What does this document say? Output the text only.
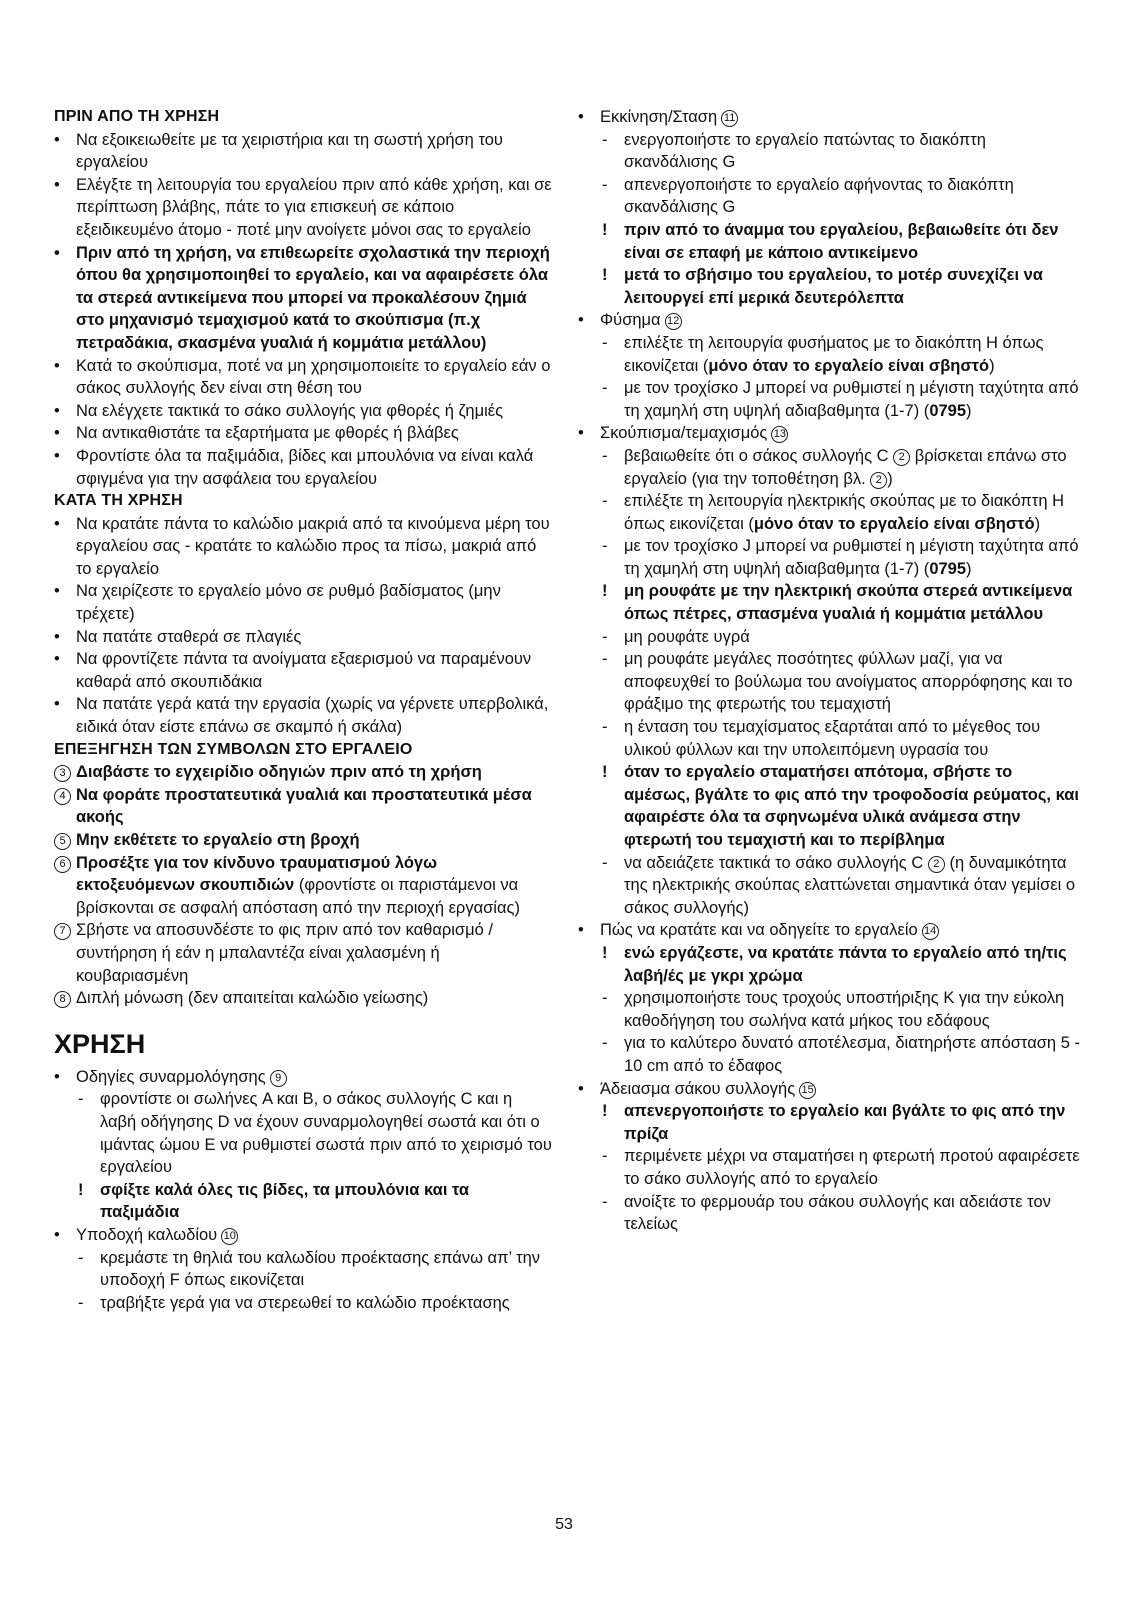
ΠΡΙΝ ΑΠΟ ΤΗ ΧΡΗΣΗ
• Να εξοικειωθείτε με τα χειριστήρια και τη σωστή χρήση του εργαλείου
• Ελέγξτε τη λειτουργία του εργαλείου πριν από κάθε χρήση, και σε περίπτωση βλάβης, πάτε το για επισκευή σε κάποιο εξειδικευμένο άτομο - ποτέ μην ανοίγετε μόνοι σας το εργαλείο
• Πριν από τη χρήση, να επιθεωρείτε σχολαστικά την περιοχή όπου θα χρησιμοποιηθεί το εργαλείο, και να αφαιρέσετε όλα τα στερεά αντικείμενα που μπορεί να προκαλέσουν ζημιά στο μηχανισμό τεμαχισμού κατά το σκούπισμα (π.χ πετραδάκια, σκασμένα γυαλιά ή κομμάτια μετάλλου)
• Κατά το σκούπισμα, ποτέ να μη χρησιμοποιείτε το εργαλείο εάν ο σάκος συλλογής δεν είναι στη θέση του
• Να ελέγχετε τακτικά το σάκο συλλογής για φθορές ή ζημιές
• Να αντικαθιστάτε τα εξαρτήματα με φθορές ή βλάβες
• Φροντίστε όλα τα παξιμάδια, βίδες και μπουλόνια να είναι καλά σφιγμένα για την ασφάλεια του εργαλείου
ΚΑΤΑ ΤΗ ΧΡΗΣΗ
• Να κρατάτε πάντα το καλώδιο μακριά από τα κινούμενα μέρη του εργαλείου σας - κρατάτε το καλώδιο προς τα πίσω, μακριά από το εργαλείο
• Να χειρίζεστε το εργαλείο μόνο σε ρυθμό βαδίσματος (μην τρέχετε)
• Να πατάτε σταθερά σε πλαγιές
• Να φροντίζετε πάντα τα ανοίγματα εξαερισμού να παραμένουν καθαρά από σκουπιδάκια
• Να πατάτε γερά κατά την εργασία (χωρίς να γέρνετε υπερβολικά, ειδικά όταν είστε επάνω σε σκαμπό ή σκάλα)
ΕΠΕΞΗΓΗΣΗ ΤΩΝ ΣΥΜΒΟΛΩΝ ΣΤΟ ΕΡΓΑΛΕΙΟ
3 Διαβάστε το εγχειρίδιο οδηγιών πριν από τη χρήση
4 Να φοράτε προστατευτικά γυαλιά και προστατευτικά μέσα ακοής
5 Μην εκθέτετε το εργαλείο στη βροχή
6 Προσέξτε για τον κίνδυνο τραυματισμού λόγω εκτοξευόμενων σκουπιδιών (φροντίστε οι παριστάμενοι να βρίσκονται σε ασφαλή απόσταση από την περιοχή εργασίας)
7 Σβήστε να αποσυνδέστε το φις πριν από τον καθαρισμό / συντήρηση ή εάν η μπαλαντέζα είναι χαλασμένη ή κουβαριασμένη
8 Διπλή μόνωση (δεν απαιτείται καλώδιο γείωσης)
ΧΡΗΣΗ
• Οδηγίες συναρμολόγησης 9
- φροντίστε οι σωλήνες A και B, ο σάκος συλλογής C και η λαβή οδήγησης D να έχουν συναρμολογηθεί σωστά και ότι ο ιμάντας ώμου E να ρυθμιστεί σωστά πριν από το χειρισμό του εργαλείου
! σφίξτε καλά όλες τις βίδες, τα μπουλόνια και τα παξιμάδια
• Υποδοχή καλωδίου 10
- κρεμάστε τη θηλιά του καλωδίου προέκτασης επάνω απ’ την υποδοχή F όπως εικονίζεται
- τραβήξτε γερά για να στερεωθεί το καλώδιο προέκτασης
• Εκκίνηση/Σταση 11
- ενεργοποιήστε το εργαλείο πατώντας το διακόπτη σκανδάλισης G
- απενεργοποιήστε το εργαλείο αφήνοντας το διακόπτη σκανδάλισης G
! πριν από το άναμμα του εργαλείου, βεβαιωθείτε ότι δεν είναι σε επαφή με κάποιο αντικείμενο
! μετά το σβήσιμο του εργαλείου, το μοτέρ συνεχίζει να λειτουργεί επί μερικά δευτερόλεπτα
• Φύσημα 12
- επιλέξτε τη λειτουργία φυσήματος με το διακόπτη H όπως εικονίζεται (μόνο όταν το εργαλείο είναι σβηστό)
- με τον τροχίσκο J μπορεί να ρυθμιστεί η μέγιστη ταχύτητα από τη χαμηλή στη υψηλή αδιαβαθμητα (1-7) (0795)
• Σκούπισμα/τεμαχισμός 13
- βεβαιωθείτε ότι ο σάκος συλλογής C 2 βρίσκεται επάνω στο εργαλείο (για την τοποθέτηση βλ. 2 )
- επιλέξτε τη λειτουργία ηλεκτρικής σκούπας με το διακόπτη H όπως εικονίζεται (μόνο όταν το εργαλείο είναι σβηστό)
- με τον τροχίσκο J μπορεί να ρυθμιστεί η μέγιστη ταχύτητα από τη χαμηλή στη υψηλή αδιαβαθμητα (1-7) (0795)
! μη ρουφάτε με την ηλεκτρική σκούπα στερεά αντικείμενα όπως πέτρες, σπασμένα γυαλιά ή κομμάτια μετάλλου
- μη ρουφάτε υγρά
- μη ρουφάτε μεγάλες ποσότητες φύλλων μαζί, για να αποφευχθεί το βούλωμα του ανοίγματος απορρόφησης και το φράξιμο της φτερωτής του τεμαχιστή
- η ένταση του τεμαχίσματος εξαρτάται από το μέγεθος του υλικού φύλλων και την υπολειπόμενη υγρασία του
! όταν το εργαλείο σταματήσει απότομα, σβήστε το αμέσως, βγάλτε το φις από την τροφοδοσία ρεύματος, και αφαιρέστε όλα τα σφηνωμένα υλικά ανάμεσα στην φτερωτή του τεμαχιστή και το περίβλημα
- να αδειάζετε τακτικά το σάκο συλλογής C 2 (η δυναμικότητα της ηλεκτρικής σκούπας ελαττώνεται σημαντικά όταν γεμίσει ο σάκος συλλογής)
• Πώς να κρατάτε και να οδηγείτε το εργαλείο 14
! ενώ εργάζεστε, να κρατάτε πάντα το εργαλείο από τη/τις λαβή/ές με γκρι χρώμα
- χρησιμοποιήστε τους τροχούς υποστήριξης K για την εύκολη καθοδήγηση του σωλήνα κατά μήκος του εδάφους
- για το καλύτερο δυνατό αποτέλεσμα, διατηρήστε απόσταση 5 - 10 cm από το έδαφος
• Άδειασμα σάκου συλλογής 15
! απενεργοποιήστε το εργαλείο και βγάλτε το φις από την πρίζα
- περιμένετε μέχρι να σταματήσει η φτερωτή προτού αφαιρέσετε το σάκο συλλογής από το εργαλείο
- ανοίξτε το φερμουάρ του σάκου συλλογής και αδειάστε τον τελείως
53
